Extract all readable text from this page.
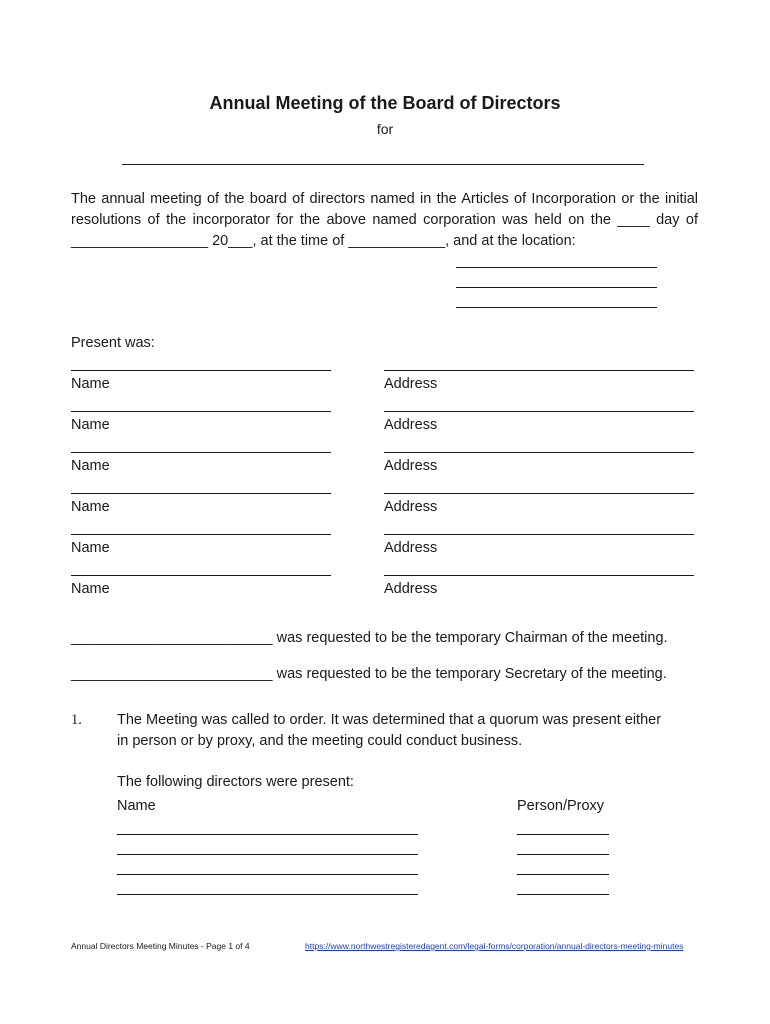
Annual Meeting of the Board of Directors
for
The annual meeting of the board of directors named in the Articles of Incorporation or the initial resolutions of the incorporator for the above named corporation was held on the ____ day of _________________ 20___, at the time of ____________, and at the location:
Present was:
Name	Address
Name	Address
Name	Address
Name	Address
Name	Address
Name	Address
_________________________ was requested to be the temporary Chairman of the meeting.
_________________________ was requested to be the temporary Secretary of the meeting.
1. The Meeting was called to order. It was determined that a quorum was present either
in person or by proxy, and the meeting could conduct business.
The following directors were present:
Name	Person/Proxy
Annual Directors Meeting Minutes - Page 1 of 4	https://www.northwestregisteredagent.com/legal-forms/corporation/annual-directors-meeting-minutes
